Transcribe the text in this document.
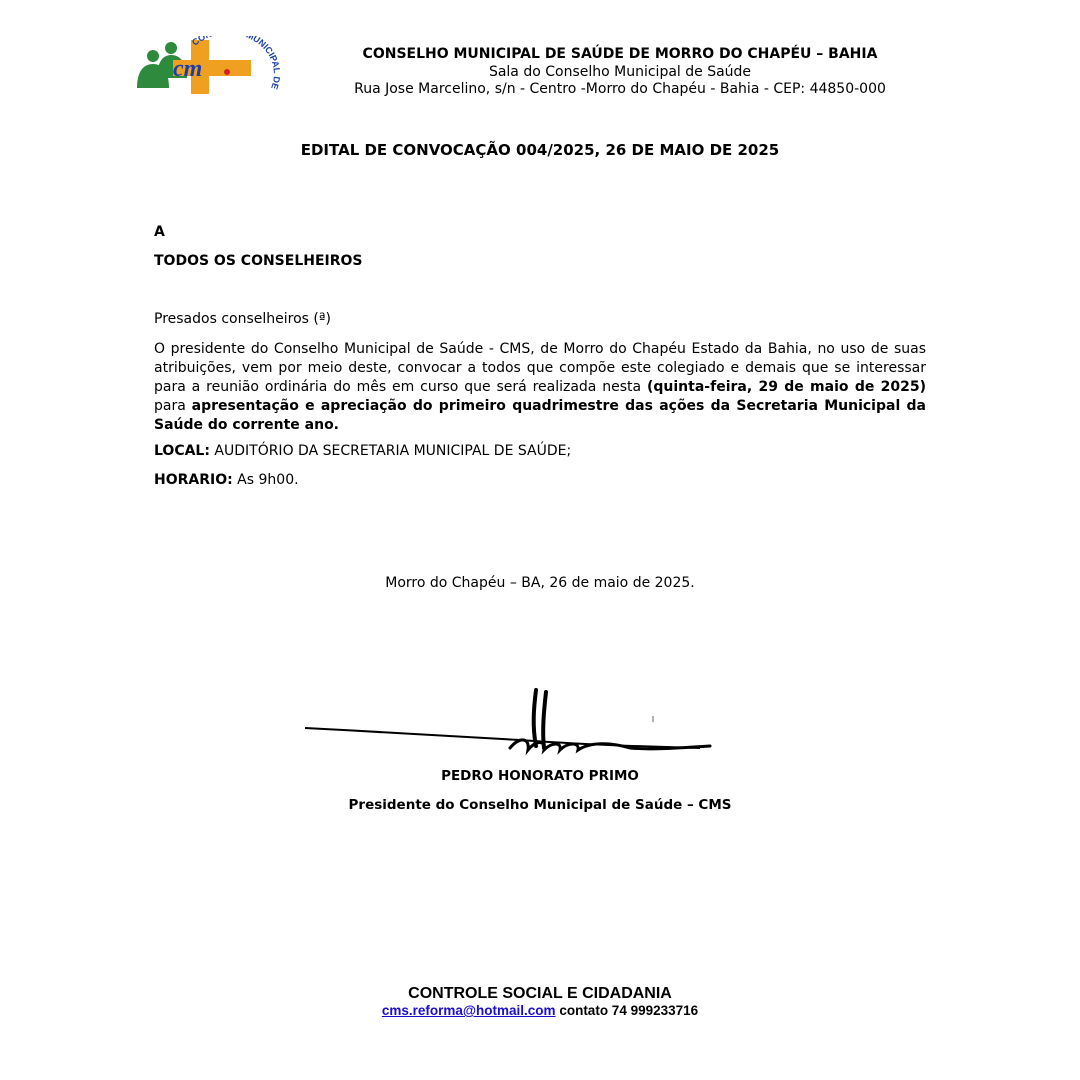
CO UNICIPAL DE
cm
CONSELHO MUNICIPAL DE SAÚDE DE MORRO DO CHAPÉU – BAHIA
Sala do Conselho Municipal de Saúde
Rua Jose Marcelino, s/n - Centro -Morro do Chapéu - Bahia - CEP: 44850-000
EDITAL DE CONVOCAÇÃO 004/2025, 26 DE MAIO DE 2025
A
TODOS OS CONSELHEIROS
Presados conselheiros (ª)
O presidente do Conselho Municipal de Saúde - CMS, de Morro do Chapéu Estado da Bahia, no uso de suas atribuições, vem por meio deste, convocar a todos que compõe este colegiado e demais que se interessar para a reunião ordinária do mês em curso que será realizada nesta (quinta-feira, 29 de maio de 2025) para apresentação e apreciação do primeiro quadrimestre das ações da Secretaria Municipal da Saúde do corrente ano.
LOCAL: AUDITÓRIO DA SECRETARIA MUNICIPAL DE SAÚDE;
HORARIO: As 9h00.
Morro do Chapéu – BA, 26 de maio de 2025.
PEDRO HONORATO PRIMO
Presidente do Conselho Municipal de Saúde – CMS
CONTROLE SOCIAL E CIDADANIA
cms.reforma@hotmail.com contato 74 999233716
